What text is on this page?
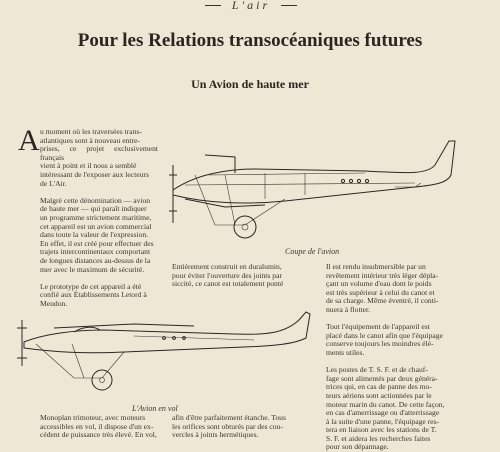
L'air
Pour les Relations transocéaniques futures
Un Avion de haute mer
A u moment où les traversées trans-
atlantiques sont à nouveau entre-
prises, ce projet exclusivement français
vient à point et il nous a semblé
intéressant de l'exposer aux lecteurs
de L'Air.

Malgré cette dénomination — avion
de haute mer — qui paraît indiquer
un programme strictement maritime,
cet appareil est un avion commercial
dans toute la valeur de l'expression.
En effet, il est créé pour effectuer des
trajets intercontinentaux comportant
de longues distances au-dessus de la
mer avec le maximum de sécurité.

Le prototype de cet appareil a été
confié aux Établissements Letord à
Meudon.
Coupe de l'avion
Entièrement construit en duralumin,
pour éviter l'ouverture des joints par
siccité, ce canot est totalement ponté
Il est rendu insubmersible par un
revêtement intérieur très léger dépla-
çant un volume d'eau dont le poids
est très supérieur à celui du canot et
de sa charge. Même éventré, il conti-
nuera à flotter.

Tout l'équipement de l'appareil est
placé dans le canot afin que l'équipage
conserve toujours les moindres élé-
ments utiles.

Les postes de T. S. F. et de chauf-
fage sont alimentés par deux généra-
trices qui, en cas de panne des mo-
teurs aériens sont actionnées par le
moteur marin du canot. De cette façon,
en cas d'amerrissage ou d'atterrissage
à la suite d'une panne, l'équipage res-
tera en liaison avec les stations de T.
S. F. et aidera les recherches faites
pour son dépannage.
L'Avion en vol
Monoplan trimoteur, avec moteurs
accessibles en vol, il dispose d'un ex-
cédent de puissance très élevé. En vol,
afin d'être parfaitement étanche. Tous
les orifices sont obturés par des cou-
vercles à joints hermétiques.
